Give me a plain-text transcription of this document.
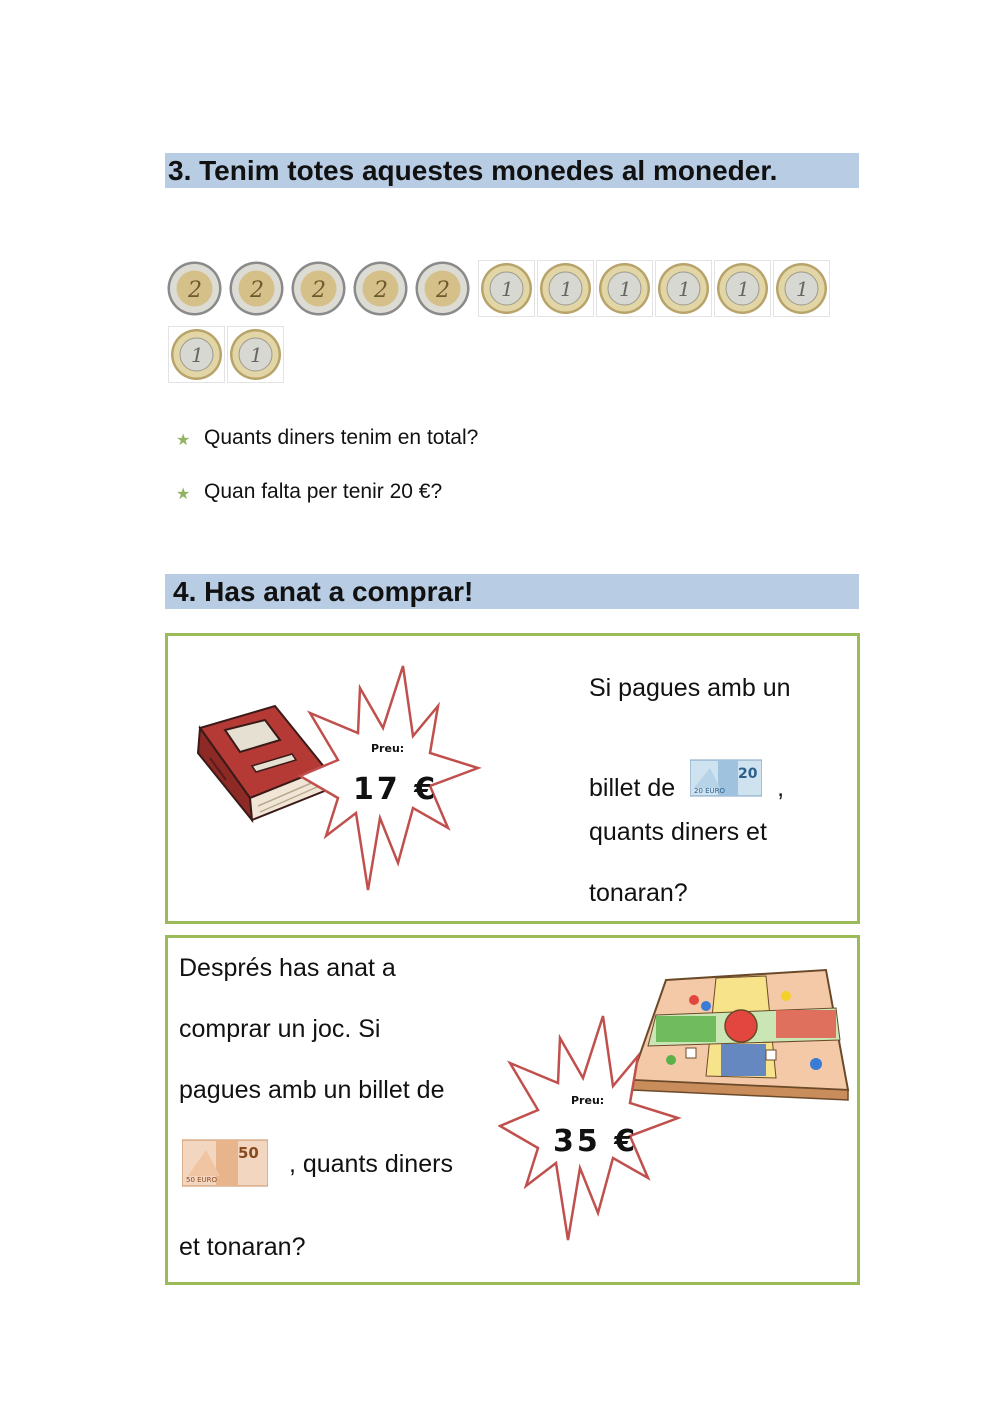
3. Tenim totes aquestes monedes al moneder.
2 2 2 2 2	1 1 1 1 1 1
1 1
★ Quants diners tenim en total?
★ Quan falta per tenir 20 €?
4. Has anat a comprar!
Preu:
17 €
Si pagues amb un
billet de	20
20 EURO ,
quants diners et
tonaran?
Després has anat a
comprar un joc. Si
pagues amb un billet de
50
50 EURO
, quants diners
et tonaran?
Preu:
35 €
